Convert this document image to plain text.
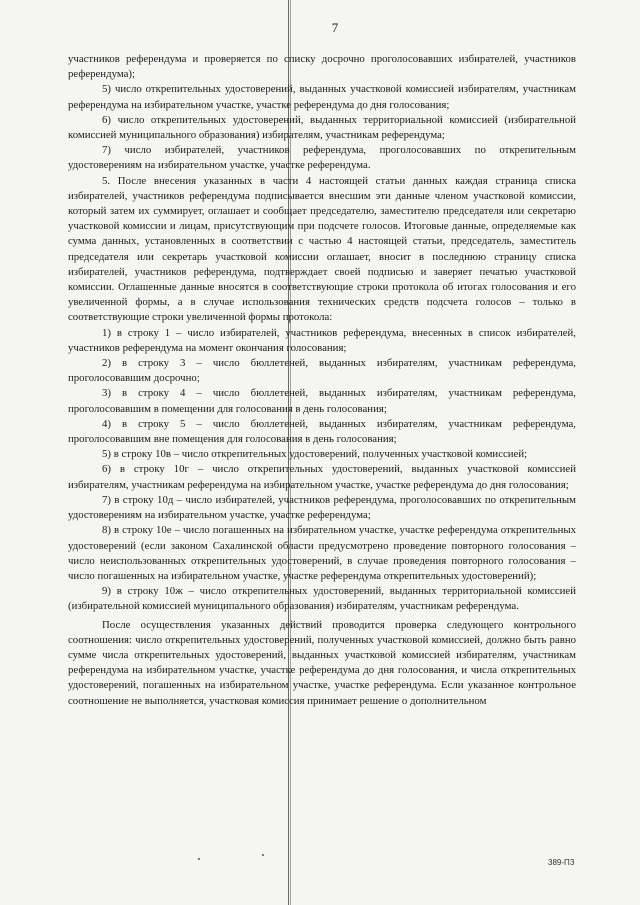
7

участников референдума и проверяется по списку досрочно проголосовавших избирателей, участников референдума);

5) число открепительных удостоверений, выданных участковой комиссией избирателям, участникам референдума на избирательном участке, участке референдума до дня голосования;

6) число открепительных удостоверений, выданных территориальной комиссией (избирательной комиссией муниципального образования) избирателям, участникам референдума;

7) число избирателей, участников референдума, проголосовавших по открепительным удостоверениям на избирательном участке, участке референдума.

5. После внесения указанных в части 4 настоящей статьи данных каждая страница списка избирателей, участников референдума подписывается внесшим эти данные членом участковой комиссии, который затем их суммирует, оглашает и сообщает председателю, заместителю председателя или секретарю участковой комиссии и лицам, присутствующим при подсчете голосов. Итоговые данные, определяемые как сумма данных, установленных в соответствии с частью 4 настоящей статьи, председатель, заместитель председателя или секретарь участковой комиссии оглашает, вносит в последнюю страницу списка избирателей, участников референдума, подтверждает своей подписью и заверяет печатью участковой комиссии. Оглашенные данные вносятся в соответствующие строки протокола об итогах голосования и его увеличенной формы, а в случае использования технических средств подсчета голосов – только в соответствующие строки увеличенной формы протокола:

1) в строку 1 – число избирателей, участников референдума, внесенных в список избирателей, участников референдума на момент окончания голосования;

2) в строку 3 – число бюллетеней, выданных избирателям, участникам референдума, проголосовавшим досрочно;

3) в строку 4 – число бюллетеней, выданных избирателям, участникам референдума, проголосовавшим в помещении для голосования в день голосования;

4) в строку 5 – число бюллетеней, выданных избирателям, участникам референдума, проголосовавшим вне помещения для голосования в день голосования;

5) в строку 10в – число открепительных удостоверений, полученных участковой комиссией;

6) в строку 10г – число открепительных удостоверений, выданных участковой комиссией избирателям, участникам референдума на избирательном участке, участке референдума до дня голосования;

7) в строку 10д – число избирателей, участников референдума, проголосовавших по открепительным удостоверениям на избирательном участке, участке референдума;

8) в строку 10е – число погашенных на избирательном участке, участке референдума открепительных удостоверений (если законом Сахалинской области предусмотрено проведение повторного голосования – число неиспользованных открепительных удостоверений, в случае проведения повторного голосования – число погашенных на избирательном участке, участке референдума открепительных удостоверений);

9) в строку 10ж – число открепительных удостоверений, выданных территориальной комиссией (избирательной комиссией муниципального образования) избирателям, участникам референдума.

После осуществления указанных действий проводится проверка следующего контрольного соотношения: число открепительных удостоверений, полученных участковой комиссией, должно быть равно сумме числа открепительных удостоверений, выданных участковой комиссией избирателям, участникам референдума на избирательном участке, участке референдума до дня голосования, и числа открепительных удостоверений, погашенных на избирательном участке, участке референдума. Если указанное контрольное соотношение не выполняется, участковая комиссия принимает решение о дополнительном

389-ПЗ
